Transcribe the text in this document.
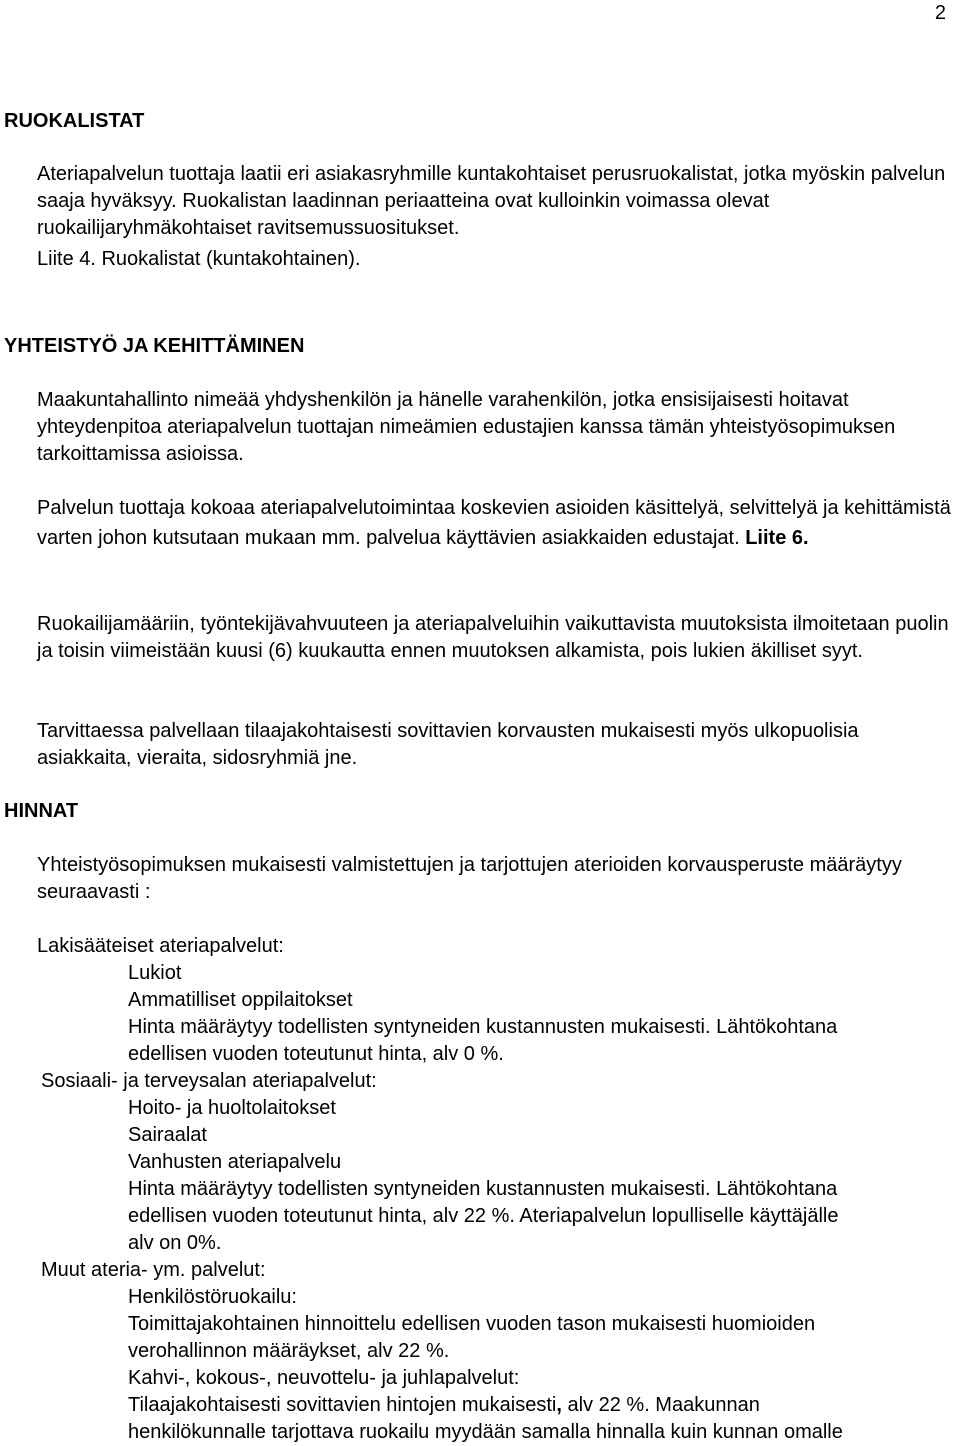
2
RUOKALISTAT

Ateriapalvelun tuottaja laatii eri asiakasryhmille kuntakohtaiset perusruokalistat, jotka myöskin palvelun saaja hyväksyy. Ruokalistan laadinnan periaatteina ovat kulloinkin voimassa olevat ruokailijaryhmäkohtaiset ravitsemussuositukset.

Liite 4. Ruokalistat (kuntakohtainen).

YHTEISTYÖ JA KEHITTÄMINEN

Maakuntahallinto nimeää yhdyshenkilön ja hänelle varahenkilön, jotka ensisijaisesti hoitavat yhteydenpitoa ateriapalvelun tuottajan nimeämien edustajien kanssa tämän yhteistyösopimuksen tarkoittamissa asioissa.

Palvelun tuottaja kokoaa ateriapalvelutoimintaa koskevien asioiden käsittelyä, selvittelyä ja kehittämistä varten johon kutsutaan mukaan mm. palvelua käyttävien asiakkaiden edustajat. Liite 6.

Ruokailijamääriin, työntekijävahvuuteen ja ateriapalveluihin vaikuttavista muutoksista ilmoitetaan puolin ja toisin viimeistään kuusi (6) kuukautta ennen muutoksen alkamista, pois lukien äkilliset syyt.

Tarvittaessa palvellaan tilaajakohtaisesti sovittavien korvausten mukaisesti myös ulkopuolisia asiakkaita, vieraita, sidosryhmiä jne.

HINNAT

Yhteistyösopimuksen mukaisesti valmistettujen ja tarjottujen aterioiden korvausperuste määräytyy seuraavasti :

Lakisääteiset ateriapalvelut:
Lukiot
Ammatilliset oppilaitokset
Hinta määräytyy todellisten syntyneiden kustannusten mukaisesti. Lähtökohtana
edellisen vuoden toteutunut hinta, alv 0 %.
Sosiaali- ja terveysalan ateriapalvelut:
Hoito- ja huoltolaitokset
Sairaalat
Vanhusten ateriapalvelu
Hinta määräytyy todellisten syntyneiden kustannusten mukaisesti. Lähtökohtana
edellisen vuoden toteutunut hinta, alv 22 %. Ateriapalvelun lopulliselle käyttäjälle
alv on 0%.
Muut ateria- ym. palvelut:
Henkilöstöruokailu:
Toimittajakohtainen hinnoittelu edellisen vuoden tason mukaisesti huomioiden
verohallinnon määräykset, alv 22 %.
Kahvi-, kokous-, neuvottelu- ja juhlapalvelut:
Tilaajakohtaisesti sovittavien hintojen mukaisesti, alv 22 %. Maakunnan
henkilökunnalle tarjottava ruokailu myydään samalla hinnalla kuin kunnan omalle
